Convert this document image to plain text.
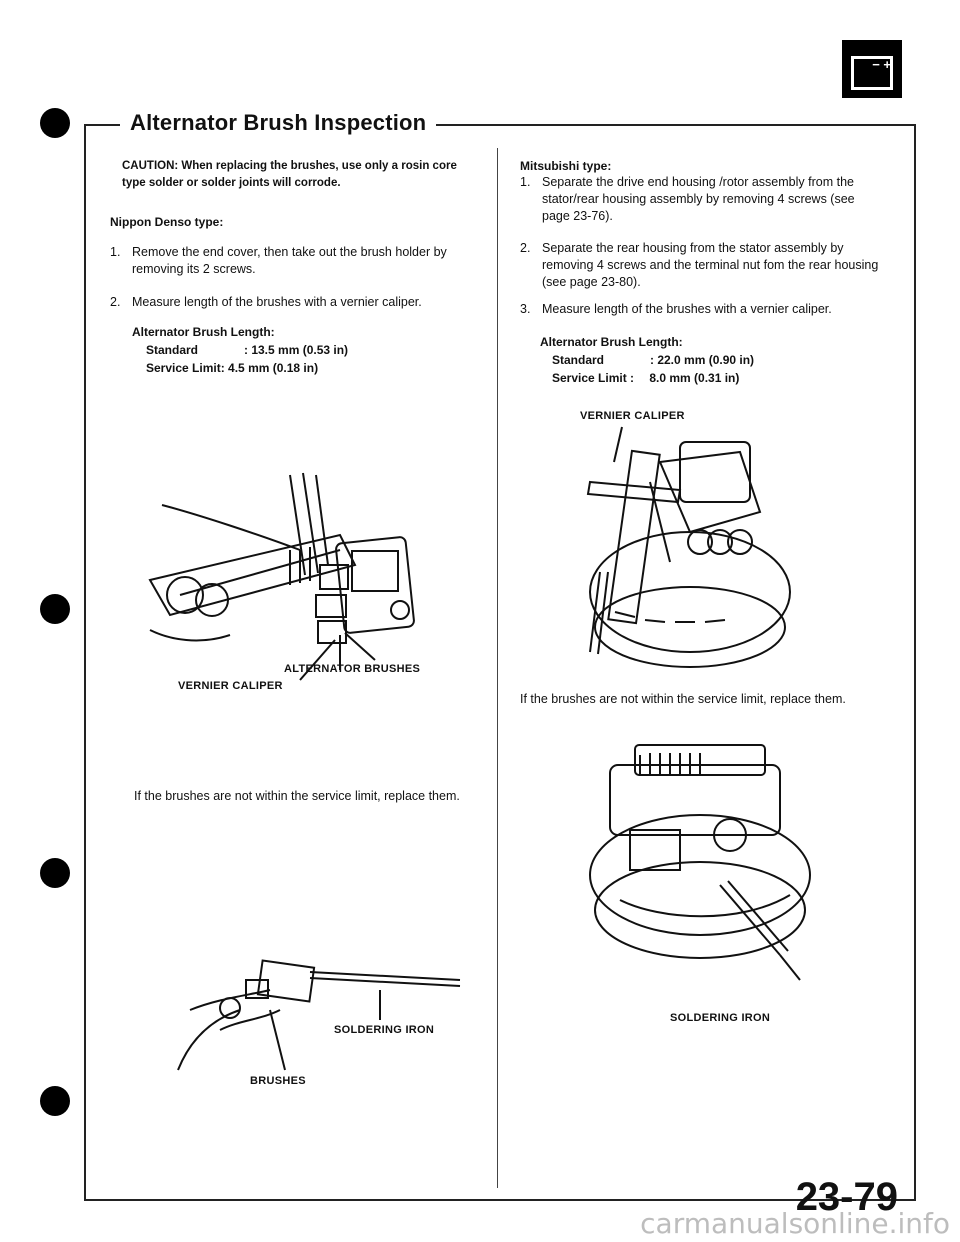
− +
Alternator Brush Inspection
CAUTION: When replacing the brushes, use only a rosin core type solder or solder joints will corrode.
Nippon Denso type:
1. Remove the end cover, then take out the brush holder by removing its 2 screws.
2. Measure length of the brushes with a vernier caliper.
Alternator Brush Length:
Standard	: 13.5 mm (0.53 in)
Service Limit: 4.5 mm (0.18 in)
ALTERNATOR BRUSHES
VERNIER CALIPER
If the brushes are not within the service limit, replace them.
SOLDERING IRON
BRUSHES
Mitsubishi type:
1. Separate the drive end housing /rotor assembly from the stator/rear housing assembly by removing 4 screws (see page 23-76).
2. Separate the rear housing from the stator assembly by removing 4 screws and the terminal nut fom the rear housing (see page 23-80).
3. Measure length of the brushes with a vernier caliper.
Alternator Brush Length:
Standard	: 22.0 mm (0.90 in)
Service Limit : 8.0 mm (0.31 in)
VERNIER CALIPER
If the brushes are not within the service limit, replace them.
SOLDERING IRON
23-79
carmanualsonline.info
